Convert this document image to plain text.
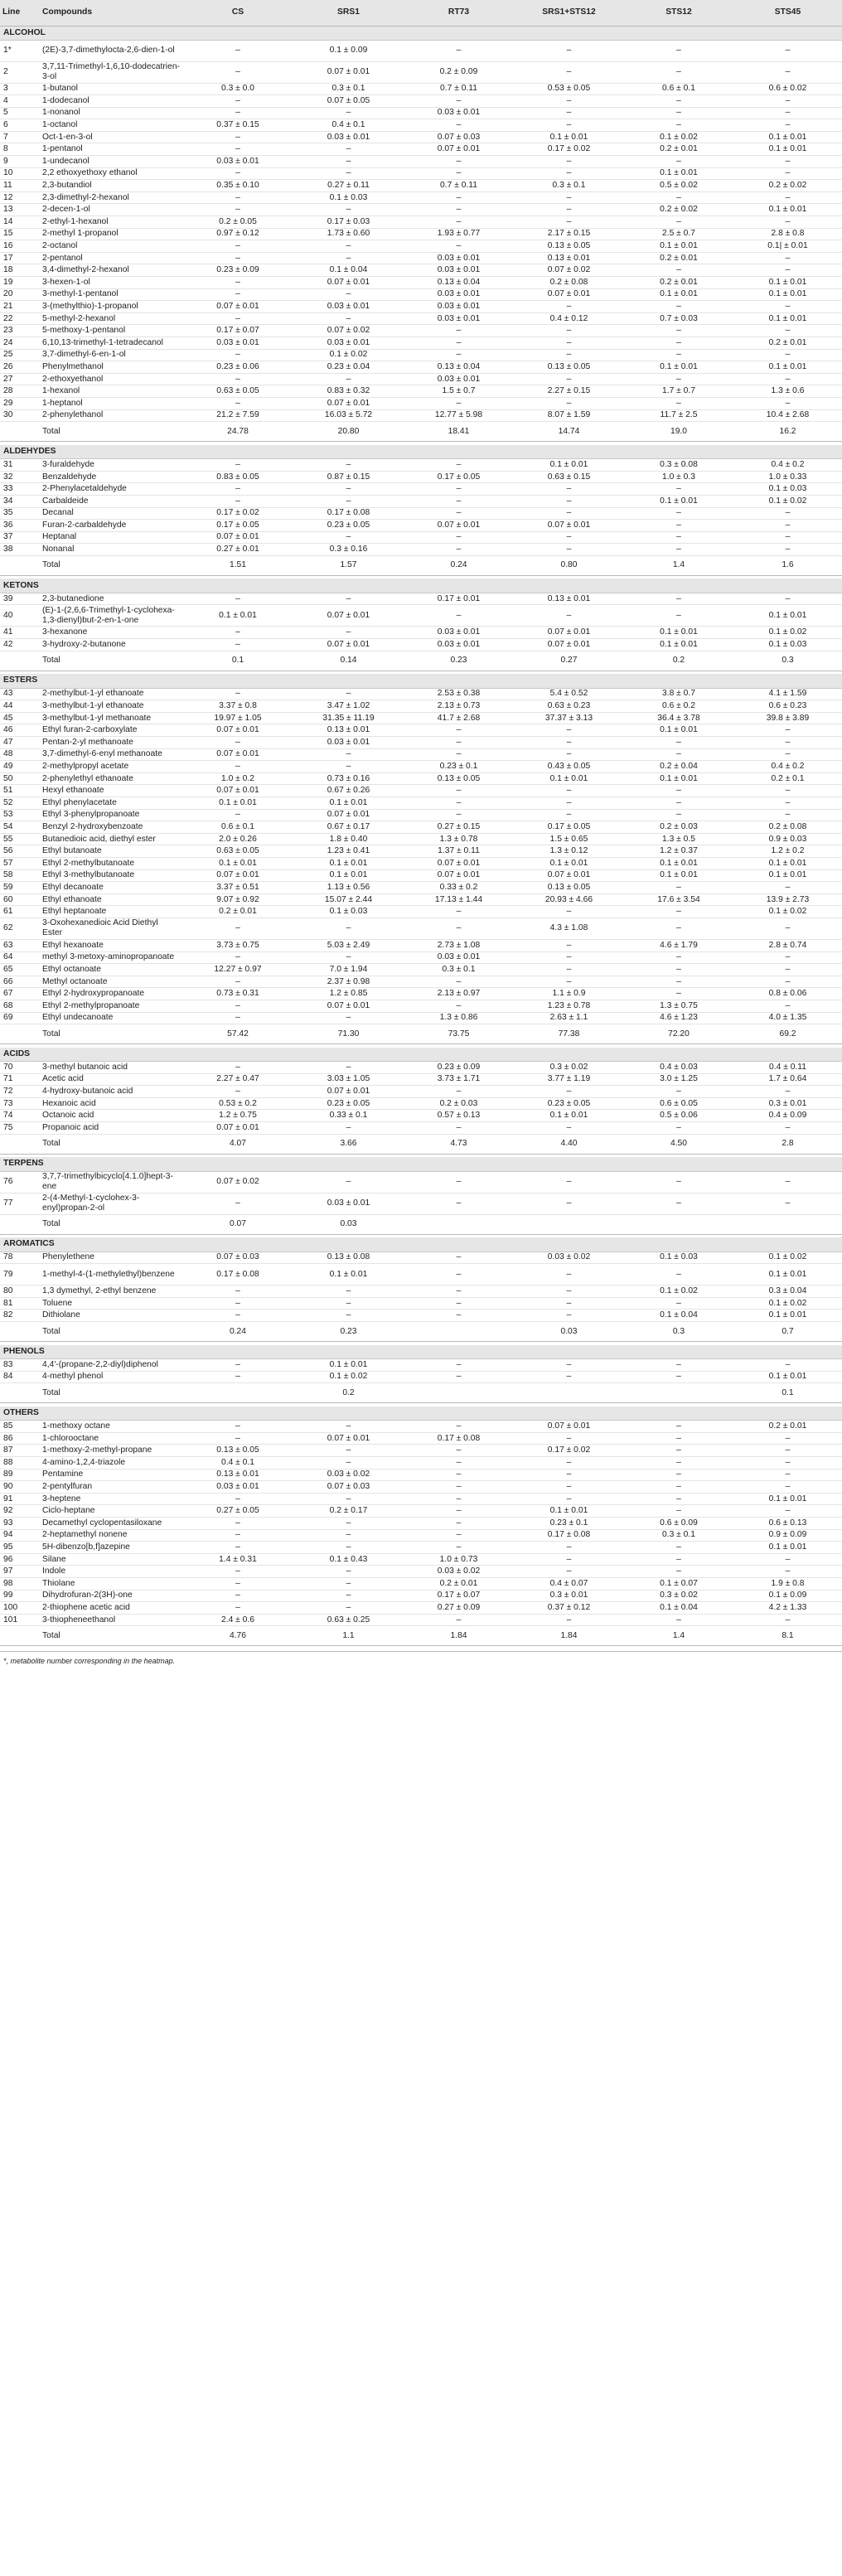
Line	Compounds	CS	SRS1	RT73	SRS1+STS12	STS12	STS45
ALCOHOL							
1*	(2E)-3,7-dimethylocta-2,6-dien-1-ol	–	0.1 ± 0.09	–	–	–	–
2	3,7,11-Trimethyl-1,6,10-dodecatrien-3-ol	–	0.07 ± 0.01	0.2 ± 0.09	–	–	–
3	1-butanol	0.3 ± 0.0	0.3 ± 0.1	0.7 ± 0.11	0.53 ± 0.05	0.6 ± 0.1	0.6 ± 0.02
4	1-dodecanol	–	0.07 ± 0.05	–	–	–	–
5	1-nonanol	–	–	0.03 ± 0.01	–	–	–
6	1-octanol	0.37 ± 0.15	0.4 ± 0.1	–	–	–	–
7	Oct-1-en-3-ol	–	0.03 ± 0.01	0.07 ± 0.03	0.1 ± 0.01	0.1 ± 0.02	0.1 ± 0.01
8	1-pentanol	–	–	0.07 ± 0.01	0.17 ± 0.02	0.2 ± 0.01	0.1 ± 0.01
9	1-undecanol	0.03 ± 0.01	–	–	–	–	–
10	2,2 ethoxyethoxy ethanol	–	–	–	–	0.1 ± 0.01	–
11	2,3-butandiol	0.35 ± 0.10	0.27 ± 0.11	0.7 ± 0.11	0.3 ± 0.1	0.5 ± 0.02	0.2 ± 0.02
12	2,3-dimethyl-2-hexanol	–	0.1 ± 0.03	–	–	–	–
13	2-decen-1-ol	–	–	–	–	0.2 ± 0.02	0.1 ± 0.01
14	2-ethyl-1-hexanol	0.2 ± 0.05	0.17 ± 0.03	–	–	–	–
15	2-methyl 1-propanol	0.97 ± 0.12	1.73 ± 0.60	1.93 ± 0.77	2.17 ± 0.15	2.5 ± 0.7	2.8 ± 0.8
16	2-octanol	–	–	–	0.13 ± 0.05	0.1 ± 0.01	0.1| ± 0.01
17	2-pentanol	–	–	0.03 ± 0.01	0.13 ± 0.01	0.2 ± 0.01	–
18	3,4-dimethyl-2-hexanol	0.23 ± 0.09	0.1 ± 0.04	0.03 ± 0.01	0.07 ± 0.02	–	–
19	3-hexen-1-ol	–	0.07 ± 0.01	0.13 ± 0.04	0.2 ± 0.08	0.2 ± 0.01	0.1 ± 0.01
20	3-methyl-1-pentanol	–	–	0.03 ± 0.01	0.07 ± 0.01	0.1 ± 0.01	0.1 ± 0.01
21	3-(methylthio)-1-propanol	0.07 ± 0.01	0.03 ± 0.01	0.03 ± 0.01	–	–	–
22	5-methyl-2-hexanol	–	–	0.03 ± 0.01	0.4 ± 0.12	0.7 ± 0.03	0.1 ± 0.01
23	5-methoxy-1-pentanol	0.17 ± 0.07	0.07 ± 0.02	–	–	–	–
24	6,10,13-trimethyl-1-tetradecanol	0.03 ± 0.01	0.03 ± 0.01	–	–	–	0.2 ± 0.01
25	3,7-dimethyl-6-en-1-ol	–	0.1 ± 0.02	–	–	–	–
26	Phenylmethanol	0.23 ± 0.06	0.23 ± 0.04	0.13 ± 0.04	0.13 ± 0.05	0.1 ± 0.01	0.1 ± 0.01
27	2-ethoxyethanol	–	–	0.03 ± 0.01	–	–	–
28	1-hexanol	0.63 ± 0.05	0.83 ± 0.32	1.5 ± 0.7	2.27 ± 0.15	1.7 ± 0.7	1.3 ± 0.6
29	1-heptanol	–	0.07 ± 0.01	–	–	–	–
30	2-phenylethanol	21.2 ± 7.59	16.03 ± 5.72	12.77 ± 5.98	8.07 ± 1.59	11.7 ± 2.5	10.4 ± 2.68
	Total	24.78	20.80	18.41	14.74	19.0	16.2

ALDEHYDES							
31	3-furaldehyde	–	–	–	0.1 ± 0.01	0.3 ± 0.08	0.4 ± 0.2
32	Benzaldehyde	0.83 ± 0.05	0.87 ± 0.15	0.17 ± 0.05	0.63 ± 0.15	1.0 ± 0.3	1.0 ± 0.33
33	2-Phenylacetaldehyde	–	–	–	–	–	0.1 ± 0.03
34	Carbaldeide	–	–	–	–	0.1 ± 0.01	0.1 ± 0.02
35	Decanal	0.17 ± 0.02	0.17 ± 0.08	–	–	–	–
36	Furan-2-carbaldehyde	0.17 ± 0.05	0.23 ± 0.05	0.07 ± 0.01	0.07 ± 0.01	–	–
37	Heptanal	0.07 ± 0.01	–	–	–	–	–
38	Nonanal	0.27 ± 0.01	0.3 ± 0.16	–	–	–	–
	Total	1.51	1.57	0.24	0.80	1.4	1.6

KETONS							
39	2,3-butanedione	–	–	0.17 ± 0.01	0.13 ± 0.01	–	–
40	(E)-1-(2,6,6-Trimethyl-1-cyclohexa-1,3-dienyl)but-2-en-1-one	0.1 ± 0.01	0.07 ± 0.01	–	–	–	0.1 ± 0.01
41	3-hexanone	–	–	0.03 ± 0.01	0.07 ± 0.01	0.1 ± 0.01	0.1 ± 0.02
42	3-hydroxy-2-butanone	–	0.07 ± 0.01	0.03 ± 0.01	0.07 ± 0.01	0.1 ± 0.01	0.1 ± 0.03
	Total	0.1	0.14	0.23	0.27	0.2	0.3

ESTERS							
43	2-methylbut-1-yl ethanoate	–	–	2.53 ± 0.38	5.4 ± 0.52	3.8 ± 0.7	4.1 ± 1.59
44	3-methylbut-1-yl ethanoate	3.37 ± 0.8	3.47 ± 1.02	2.13 ± 0.73	0.63 ± 0.23	0.6 ± 0.2	0.6 ± 0.23
45	3-methylbut-1-yl methanoate	19.97 ± 1.05	31.35 ± 11.19	41.7 ± 2.68	37.37 ± 3.13	36.4 ± 3.78	39.8 ± 3.89
46	Ethyl furan-2-carboxylate	0.07 ± 0.01	0.13 ± 0.01	–	–	0.1 ± 0.01	–
47	Pentan-2-yl methanoate	–	0.03 ± 0.01	–	–	–	–
48	3,7-dimethyl-6-enyl methanoate	0.07 ± 0.01	–	–	–	–	–
49	2-methylpropyl acetate	–	–	0.23 ± 0.1	0.43 ± 0.05	0.2 ± 0.04	0.4 ± 0.2
50	2-phenylethyl ethanoate	1.0 ± 0.2	0.73 ± 0.16	0.13 ± 0.05	0.1 ± 0.01	0.1 ± 0.01	0.2 ± 0.1
51	Hexyl ethanoate	0.07 ± 0.01	0.67 ± 0.26	–	–	–	–
52	Ethyl phenylacetate	0.1 ± 0.01	0.1 ± 0.01	–	–	–	–
53	Ethyl 3-phenylpropanoate	–	0.07 ± 0.01	–	–	–	–
54	Benzyl 2-hydroxybenzoate	0.6 ± 0.1	0.67 ± 0.17	0.27 ± 0.15	0.17 ± 0.05	0.2 ± 0.03	0.2 ± 0.08
55	Butanedioic acid, diethyl ester	2.0 ± 0.26	1.8 ± 0.40	1.3 ± 0.78	1.5 ± 0.65	1.3 ± 0.5	0.9 ± 0.03
56	Ethyl butanoate	0.63 ± 0.05	1.23 ± 0.41	1.37 ± 0.11	1.3 ± 0.12	1.2 ± 0.37	1.2 ± 0.2
57	Ethyl 2-methylbutanoate	0.1 ± 0.01	0.1 ± 0.01	0.07 ± 0.01	0.1 ± 0.01	0.1 ± 0.01	0.1 ± 0.01
58	Ethyl 3-methylbutanoate	0.07 ± 0.01	0.1 ± 0.01	0.07 ± 0.01	0.07 ± 0.01	0.1 ± 0.01	0.1 ± 0.01
59	Ethyl decanoate	3.37 ± 0.51	1.13 ± 0.56	0.33 ± 0.2	0.13 ± 0.05	–	–
60	Ethyl ethanoate	9.07 ± 0.92	15.07 ± 2.44	17.13 ± 1.44	20.93 ± 4.66	17.6 ± 3.54	13.9 ± 2.73
61	Ethyl heptanoate	0.2 ± 0.01	0.1 ± 0.03	–	–	–	0.1 ± 0.02
62	3-Oxohexanedioic Acid Diethyl Ester	–	–	–	4.3 ± 1.08	–	–
63	Ethyl hexanoate	3.73 ± 0.75	5.03 ± 2.49	2.73 ± 1.08	–	4.6 ± 1.79	2.8 ± 0.74
64	methyl 3-metoxy-aminopropanoate	–	–	0.03 ± 0.01	–	–	–
65	Ethyl octanoate	12.27 ± 0.97	7.0 ± 1.94	0.3 ± 0.1	–	–	–
66	Methyl octanoate	–	2.37 ± 0.98	–	–	–	–
67	Ethyl 2-hydroxypropanoate	0.73 ± 0.31	1.2 ± 0.85	2.13 ± 0.97	1.1 ± 0.9	–	0.8 ± 0.06
68	Ethyl 2-methylpropanoate	–	0.07 ± 0.01	–	1.23 ± 0.78	1.3 ± 0.75	–
69	Ethyl undecanoate	–	–	1.3 ± 0.86	2.63 ± 1.1	4.6 ± 1.23	4.0 ± 1.35
	Total	57.42	71.30	73.75	77.38	72.20	69.2

ACIDS							
70	3-methyl butanoic acid	–	–	0.23 ± 0.09	0.3 ± 0.02	0.4 ± 0.03	0.4 ± 0.11
71	Acetic acid	2.27 ± 0.47	3.03 ± 1.05	3.73 ± 1.71	3.77 ± 1.19	3.0 ± 1.25	1.7 ± 0.64
72	4-hydroxy-butanoic acid	–	0.07 ± 0.01	–	–	–	–
73	Hexanoic acid	0.53 ± 0.2	0.23 ± 0.05	0.2 ± 0.03	0.23 ± 0.05	0.6 ± 0.05	0.3 ± 0.01
74	Octanoic acid	1.2 ± 0.75	0.33 ± 0.1	0.57 ± 0.13	0.1 ± 0.01	0.5 ± 0.06	0.4 ± 0.09
75	Propanoic acid	0.07 ± 0.01	–	–	–	–	–
	Total	4.07	3.66	4.73	4.40	4.50	2.8

TERPENS							
76	3,7,7-trimethylbicyclo[4.1.0]hept-3-ene	0.07 ± 0.02	–	–	–	–	–
77	2-(4-Methyl-1-cyclohex-3-enyl)propan-2-ol	–	0.03 ± 0.01	–	–	–	–
	Total	0.07	0.03				

AROMATICS							
78	Phenylethene	0.07 ± 0.03	0.13 ± 0.08	–	0.03 ± 0.02	0.1 ± 0.03	0.1 ± 0.02
79	1-methyl-4-(1-methylethyl)benzene	0.17 ± 0.08	0.1 ± 0.01	–	–	–	0.1 ± 0.01
80	1,3 dymethyl, 2-ethyl benzene	–	–	–	–	0.1 ± 0.02	0.3 ± 0.04
81	Toluene	–	–	–	–	–	0.1 ± 0.02
82	Dithiolane	–	–	–	–	0.1 ± 0.04	0.1 ± 0.01
	Total	0.24	0.23		0.03	0.3	0.7

PHENOLS							
83	4,4'-(propane-2,2-diyl)diphenol	–	0.1 ± 0.01	–	–	–	–
84	4-methyl phenol	–	0.1 ± 0.02	–	–	–	0.1 ± 0.01
	Total		0.2				0.1

OTHERS							
85	1-methoxy octane	–	–	–	0.07 ± 0.01	–	0.2 ± 0.01
86	1-chlorooctane	–	0.07 ± 0.01	0.17 ± 0.08	–	–	–
87	1-methoxy-2-methyl-propane	0.13 ± 0.05	–	–	0.17 ± 0.02	–	–
88	4-amino-1,2,4-triazole	0.4 ± 0.1	–	–	–	–	–
89	Pentamine	0.13 ± 0.01	0.03 ± 0.02	–	–	–	–
90	2-pentylfuran	0.03 ± 0.01	0.07 ± 0.03	–	–	–	–
91	3-heptene	–	–	–	–	–	0.1 ± 0.01
92	Ciclo-heptane	0.27 ± 0.05	0.2 ± 0.17	–	0.1 ± 0.01	–	–
93	Decamethyl cyclopentasiloxane	–	–	–	0.23 ± 0.1	0.6 ± 0.09	0.6 ± 0.13
94	2-heptamethyl nonene	–	–	–	0.17 ± 0.08	0.3 ± 0.1	0.9 ± 0.09
95	5H-dibenzo[b,f]azepine	–	–	–	–	–	0.1 ± 0.01
96	Silane	1.4 ± 0.31	0.1 ± 0.43	1.0 ± 0.73	–	–	–
97	Indole	–	–	0.03 ± 0.02	–	–	–
98	Thiolane	–	–	0.2 ± 0.01	0.4 ± 0.07	0.1 ± 0.07	1.9 ± 0.8
99	Dihydrofuran-2(3H)-one	–	–	0.17 ± 0.07	0.3 ± 0.01	0.3 ± 0.02	0.1 ± 0.09
100	2-thiophene acetic acid	–	–	0.27 ± 0.09	0.37 ± 0.12	0.1 ± 0.04	4.2 ± 1.33
101	3-thiopheneethanol	2.4 ± 0.6	0.63 ± 0.25	–	–	–	–
	Total	4.76	1.1	1.84	1.84	1.4	8.1

*, metabolite number corresponding in the heatmap.
